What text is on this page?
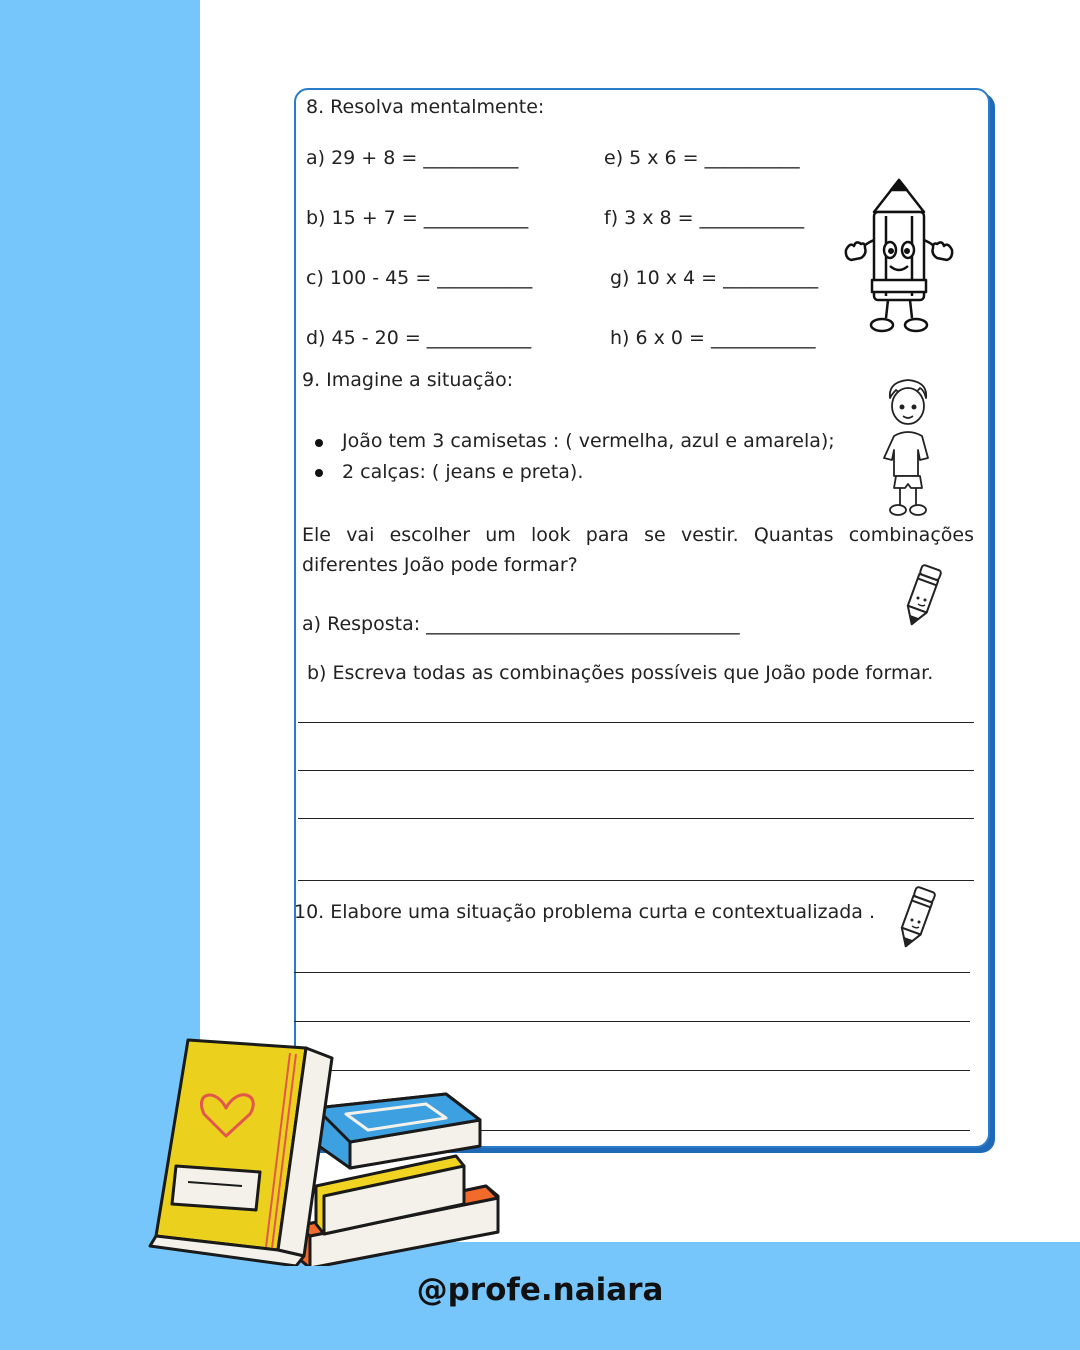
8. Resolva mentalmente:
a) 29 + 8 = __________	e) 5 x 6 = __________
b) 15 + 7 = ___________	f) 3 x 8 = ___________
c) 100 - 45 = __________	g) 10 x 4 = __________
d) 45 - 20 = ___________	h) 6 x 0 = ___________
9. Imagine a situação:
João tem 3 camisetas : ( vermelha, azul e amarela);
2 calças: ( jeans e preta).
Ele vai escolher um look para se vestir. Quantas combinações diferentes João pode formar?
a) Resposta: _________________________________
b) Escreva todas as combinações possíveis que João pode formar.
10. Elabore uma situação problema curta e contextualizada .
@profe.naiara
